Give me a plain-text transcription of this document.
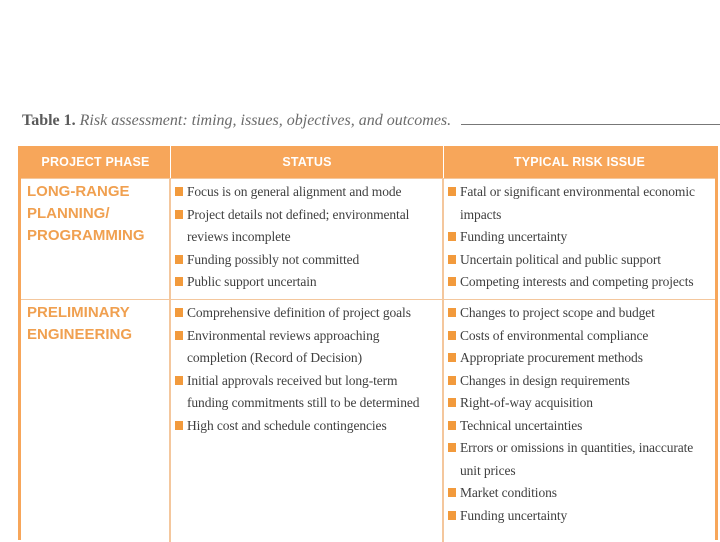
Table 1. Risk assessment: timing, issues, objectives, and outcomes.
PROJECT PHASE	STATUS	TYPICAL RISK ISSUE
LONG-RANGE PLANNING/ PROGRAMMING
Focus is on general alignment and mode
Project details not defined; environmental reviews incomplete
Funding possibly not committed
Public support uncertain
Fatal or significant environmental economic impacts
Funding uncertainty
Uncertain political and public support
Competing interests and competing projects
PRELIMINARY ENGINEERING
Comprehensive definition of project goals
Environmental reviews approaching completion (Record of Decision)
Initial approvals received but long-term funding commitments still to be determined
High cost and schedule contingencies
Changes to project scope and budget
Costs of environmental compliance
Appropriate procurement methods
Changes in design requirements
Right-of-way acquisition
Technical uncertainties
Errors or omissions in quantities, inaccurate unit prices
Market conditions
Funding uncertainty
